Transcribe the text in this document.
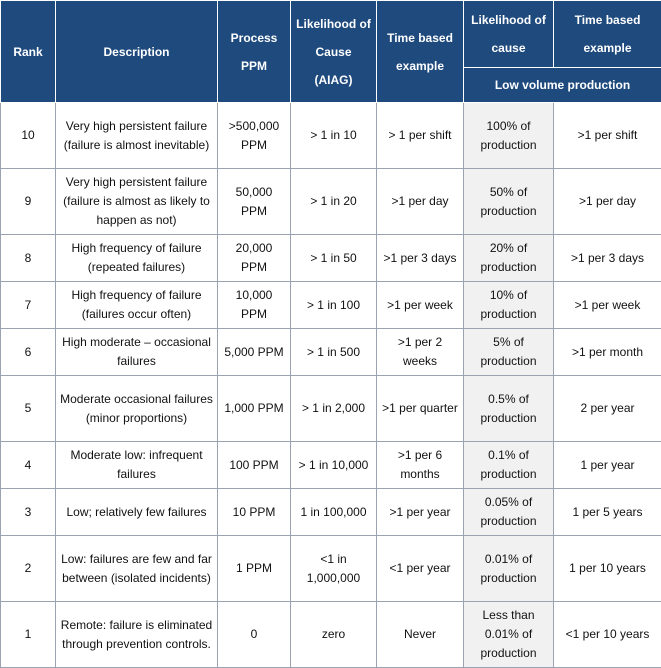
Rank	Description	Process PPM	Likelihood of Cause (AIAG)	Time based example	Likelihood of cause	Time based example
					Low volume production	
10	Very high persistent failure (failure is almost inevitable)	>500,000 PPM	> 1 in 10	> 1 per shift	100% of production	>1 per shift
9	Very high persistent failure (failure is almost as likely to happen as not)	50,000 PPM	> 1 in 20	>1 per day	50% of production	>1 per day
8	High frequency of failure (repeated failures)	20,000 PPM	> 1 in 50	>1 per 3 days	20% of production	>1 per 3 days
7	High frequency of failure (failures occur often)	10,000 PPM	> 1 in 100	>1 per week	10% of production	>1 per week
6	High moderate – occasional failures	5,000 PPM	> 1 in 500	>1 per 2 weeks	5% of production	>1 per month
5	Moderate occasional failures (minor proportions)	1,000 PPM	> 1 in 2,000	>1 per quarter	0.5% of production	2 per year
4	Moderate low: infrequent failures	100 PPM	> 1 in 10,000	>1 per 6 months	0.1% of production	1 per year
3	Low; relatively few failures	10 PPM	1 in 100,000	>1 per year	0.05% of production	1 per 5 years
2	Low: failures are few and far between (isolated incidents)	1 PPM	<1 in 1,000,000	<1 per year	0.01% of production	1 per 10 years
1	Remote: failure is eliminated through prevention controls.	0	zero	Never	Less than 0.01% of production	<1 per 10 years
